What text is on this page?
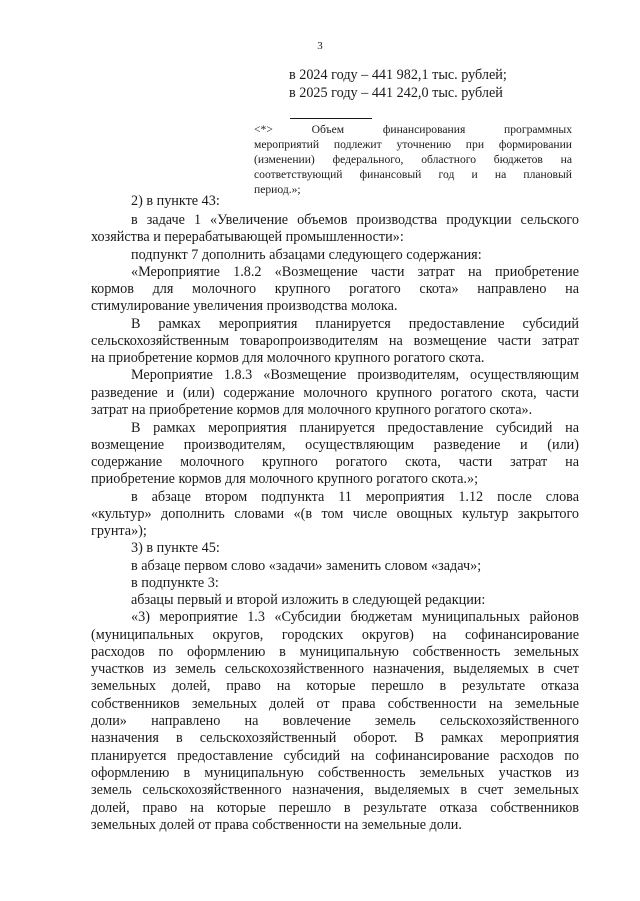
3
в 2024 году – 441 982,1 тыс. рублей;
в 2025 году – 441 242,0 тыс. рублей
<*> Объем финансирования программных
мероприятий подлежит уточнению при формировании
(изменении) федерального, областного бюджетов на
соответствующий финансовый год и на плановый
период.»;
2) в пункте 43:
в задаче 1 «Увеличение объемов производства продукции сельского
хозяйства и перерабатывающей промышленности»:
подпункт 7 дополнить абзацами следующего содержания:
«Мероприятие 1.8.2 «Возмещение части затрат на приобретение
кормов для молочного крупного рогатого скота» направлено на
стимулирование увеличения производства молока.
В рамках мероприятия планируется предоставление субсидий
сельскохозяйственным товаропроизводителям на возмещение части затрат
на приобретение кормов для молочного крупного рогатого скота.
Мероприятие 1.8.3 «Возмещение производителям, осуществляющим
разведение и (или) содержание молочного крупного рогатого скота, части
затрат на приобретение кормов для молочного крупного рогатого скота».
В рамках мероприятия планируется предоставление субсидий на
возмещение производителям, осуществляющим разведение и (или)
содержание молочного крупного рогатого скота, части затрат на
приобретение кормов для молочного крупного рогатого скота.»;
в абзаце втором подпункта 11 мероприятия 1.12 после слова
«культур» дополнить словами «(в том числе овощных культур закрытого
грунта»);
3) в пункте 45:
в абзаце первом слово «задачи» заменить словом «задач»;
в подпункте 3:
абзацы первый и второй изложить в следующей редакции:
«3) мероприятие 1.3 «Субсидии бюджетам муниципальных районов
(муниципальных округов, городских округов) на софинансирование
расходов по оформлению в муниципальную собственность земельных
участков из земель сельскохозяйственного назначения, выделяемых в счет
земельных долей, право на которые перешло в результате отказа
собственников земельных долей от права собственности на земельные
доли» направлено на вовлечение земель сельскохозяйственного
назначения в сельскохозяйственный оборот. В рамках мероприятия
планируется предоставление субсидий на софинансирование расходов по
оформлению в муниципальную собственность земельных участков из
земель сельскохозяйственного назначения, выделяемых в счет земельных
долей, право на которые перешло в результате отказа собственников
земельных долей от права собственности на земельные доли.
